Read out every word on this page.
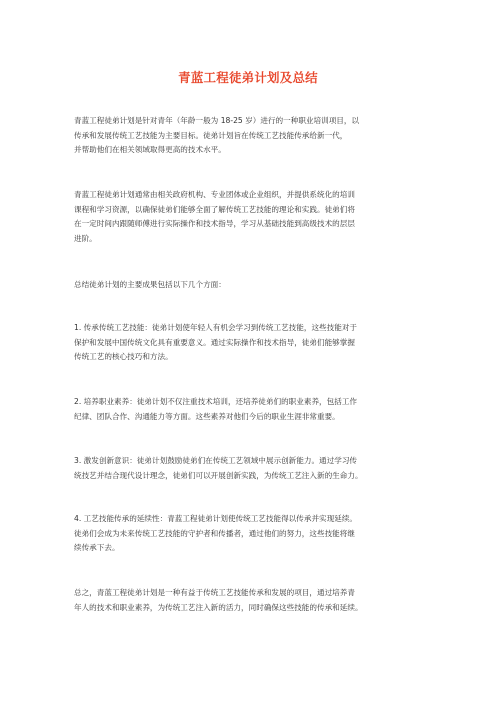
青蓝工程徒弟计划及总结

青蓝工程徒弟计划是针对青年（年龄一般为 18-25 岁）进行的一种职业培训项目，以
传承和发展传统工艺技能为主要目标。徒弟计划旨在传统工艺技能传承给新一代，
并帮助他们在相关领域取得更高的技术水平。

青蓝工程徒弟计划通常由相关政府机构、专业团体或企业组织，并提供系统化的培训
课程和学习资源，以确保徒弟们能够全面了解传统工艺技能的理论和实践。徒弟们将
在一定时间内跟随师傅进行实际操作和技术指导，学习从基础技能到高级技术的层层
进阶。

总结徒弟计划的主要成果包括以下几个方面：

1. 传承传统工艺技能：徒弟计划使年轻人有机会学习到传统工艺技能，这些技能对于
保护和发展中国传统文化具有重要意义。通过实际操作和技术指导，徒弟们能够掌握
传统工艺的核心技巧和方法。

2. 培养职业素养：徒弟计划不仅注重技术培训，还培养徒弟们的职业素养，包括工作
纪律、团队合作、沟通能力等方面。这些素养对他们今后的职业生涯非常重要。

3. 激发创新意识：徒弟计划鼓励徒弟们在传统工艺领域中展示创新能力。通过学习传
统技艺并结合现代设计理念，徒弟们可以开展创新实践，为传统工艺注入新的生命力。

4. 工艺技能传承的延续性：青蓝工程徒弟计划使传统工艺技能得以传承并实现延续。
徒弟们会成为未来传统工艺技能的守护者和传播者，通过他们的努力，这些技能将继
续传承下去。

总之，青蓝工程徒弟计划是一种有益于传统工艺技能传承和发展的项目，通过培养青
年人的技术和职业素养，为传统工艺注入新的活力，同时确保这些技能的传承和延续。
